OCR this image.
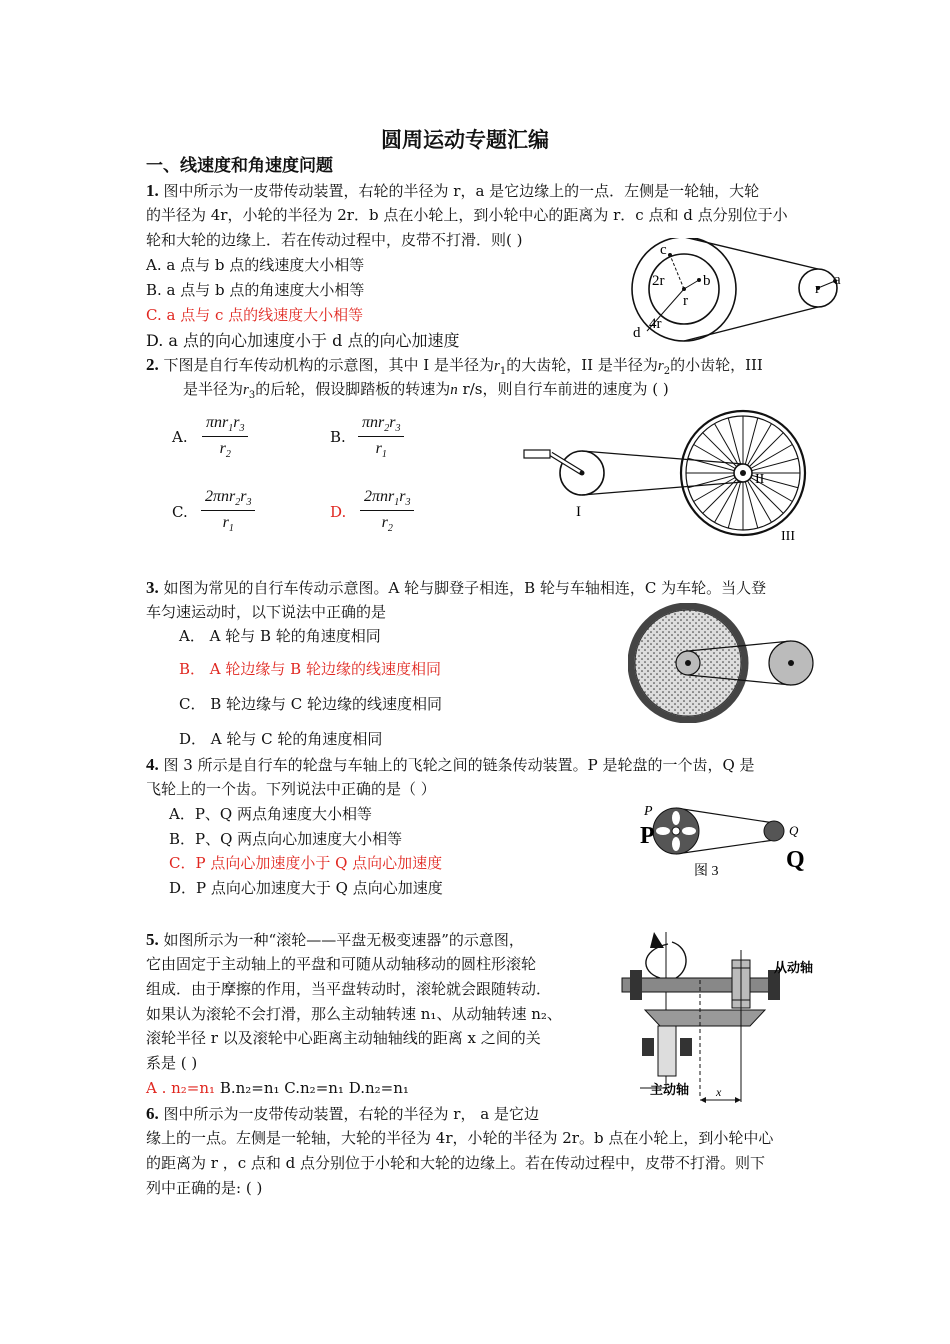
圆周运动专题汇编
一、线速度和角速度问题
1. 图中所示为一皮带传动装置，右轮的半径为 r，a 是它边缘上的一点．左侧是一轮轴，大轮
的半径为 4r，小轮的半径为 2r．b 点在小轮上，到小轮中心的距离为 r．c 点和 d 点分别位于小
轮和大轮的边缘上．若在传动过程中，皮带不打滑．则( )
A. a 点与 b 点的线速度大小相等
B. a 点与 b 点的角速度大小相等
C. a 点与 c 点的线速度大小相等
D. a 点的向心加速度小于 d 点的向心加速度
c
b
2r
r
d
4r
r
a
2. 下图是自行车传动机构的示意图，其中 I 是半径为$r_1$的大齿轮，II 是半径为$r_2$的小齿轮，III
是半径为$r_3$的后轮，假设脚踏板的转速为n r/s，则自行车前进的速度为 ( )
A.
$\pi nr_1r_3$
$r_2$
B.
$\pi nr_2r_3$
$r_1$
C.
$2\pi nr_2r_3$
$r_1$
D.
$2\pi nr_1r_3$
$r_2$
I
II
III
3. 如图为常见的自行车传动示意图。A 轮与脚登子相连，B 轮与车轴相连，C 为车轮。当人登
车匀速运动时，以下说法中正确的是
A． A 轮与 B 轮的角速度相同
B． A 轮边缘与 B 轮边缘的线速度相同
C． B 轮边缘与 C 轮边缘的线速度相同
D． A 轮与 C 轮的角速度相同
4. 图 3 所示是自行车的轮盘与车轴上的飞轮之间的链条传动装置。P 是轮盘的一个齿，Q 是
飞轮上的一个齿。下列说法中正确的是（ ）
A．P、Q 两点角速度大小相等
B．P、Q 两点向心加速度大小相等
C．P 点向心加速度小于 Q 点向心加速度
D．P 点向心加速度大于 Q 点向心加速度
P
P	Q
Q
图 3
5. 如图所示为一种“滚轮——平盘无极变速器”的示意图，
它由固定于主动轴上的平盘和可随从动轴移动的圆柱形滚轮
组成．由于摩擦的作用，当平盘转动时，滚轮就会跟随转动．
如果认为滚轮不会打滑，那么主动轴转速 n₁、从动轴转速 n₂、
滚轮半径 r 以及滚轮中心距离主动轴轴线的距离 x 之间的关
系是 ( )
A . n₂=n₁ B.n₂=n₁ C.n₂=n₁ D.n₂=n₁
从动轴
主动轴 x
6. 图中所示为一皮带传动装置，右轮的半径为 r， a 是它边
缘上的一点。左侧是一轮轴，大轮的半径为 4r，小轮的半径为 2r。b 点在小轮上，到小轮中心
的距离为 r ，c 点和 d 点分别位于小轮和大轮的边缘上。若在传动过程中，皮带不打滑。则下
列中正确的是: ( )
